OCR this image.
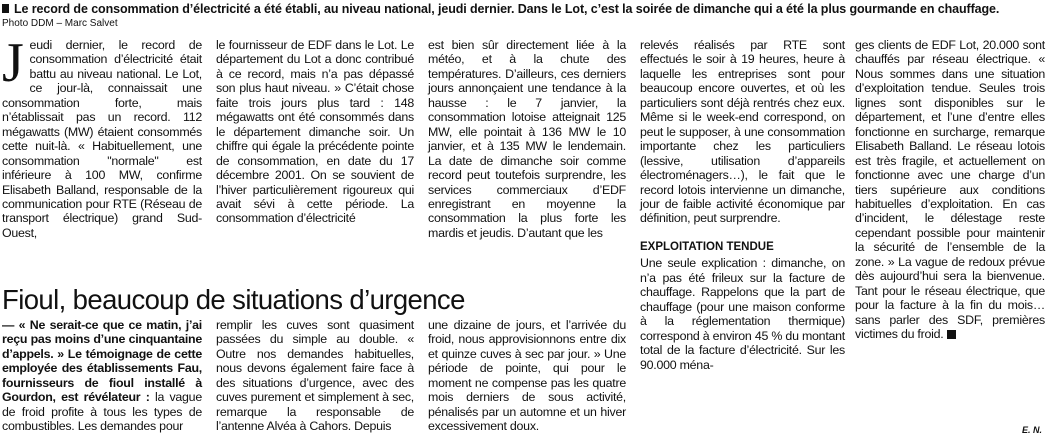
Le record de consommation d’électricité a été établi, au niveau national, jeudi dernier. Dans le Lot, c’est la soirée de dimanche qui a été la plus gourmande en chauffage.
Photo DDM – Marc Salvet
J eudi dernier, le record de consommation d’électricité était battu au niveau national. Le Lot, ce jour-là, connaissait une consommation forte, mais n’établissait pas un record. 112 mégawatts (MW) étaient consommés cette nuit-là. « Habituellement, une consommation "normale" est inférieure à 100 MW, confirme Elisabeth Balland, responsable de la communication pour RTE (Réseau de transport électrique) grand Sud-Ouest,

le fournisseur de EDF dans le Lot. Le département du Lot a donc contribué à ce record, mais n’a pas dépassé son plus haut niveau. » C’était chose faite trois jours plus tard : 148 mégawatts ont été consommés dans le département dimanche soir. Un chiffre qui égale la précédente pointe de consommation, en date du 17 décembre 2001. On se souvient de l’hiver particulièrement rigoureux qui avait sévi à cette période. La consommation d’électricité

est bien sûr directement liée à la météo, et à la chute des températures. D’ailleurs, ces derniers jours annonçaient une tendance à la hausse : le 7 janvier, la consommation lotoise atteignait 125 MW, elle pointait à 136 MW le 10 janvier, et à 135 MW le lendemain. La date de dimanche soir comme record peut toutefois surprendre, les services commerciaux d’EDF enregistrant en moyenne la consommation la plus forte les mardis et jeudis. D’autant que les

relevés réalisés par RTE sont effectués le soir à 19 heures, heure à laquelle les entreprises sont pour beaucoup encore ouvertes, et où les particuliers sont déjà rentrés chez eux. Même si le week-end correspond, on peut le supposer, à une consommation importante chez les particuliers (lessive, utilisation d’appareils électroménagers…), le fait que le record lotois intervienne un dimanche, jour de faible activité économique par définition, peut surprendre.

EXPLOITATION TENDUE

Une seule explication : dimanche, on n’a pas été frileux sur la facture de chauffage. Rappelons que la part de chauffage (pour une maison conforme à la réglementation thermique) correspond à environ 45 % du montant total de la facture d’électricité. Sur les 90.000 ména-

ges clients de EDF Lot, 20.000 sont chauffés par réseau électrique. « Nous sommes dans une situation d’exploitation tendue. Seules trois lignes sont disponibles sur le département, et l’une d’entre elles fonctionne en surcharge, remarque Elisabeth Balland. Le réseau lotois est très fragile, et actuellement on fonctionne avec une charge d’un tiers supérieure aux conditions habituelles d’exploitation. En cas d’incident, le délestage reste cependant possible pour maintenir la sécurité de l’ensemble de la zone. » La vague de redoux prévue dès aujourd’hui sera la bienvenue. Tant pour le réseau électrique, que pour la facture à la fin du mois… sans parler des SDF, premières victimes du froid.

Fioul, beaucoup de situations d’urgence

— « Ne serait-ce que ce matin, j’ai reçu pas moins d’une cinquantaine d’appels. » Le témoignage de cette employée des établissements Fau, fournisseurs de fioul installé à Gourdon, est révélateur : la vague de froid profite à tous les types de combustibles. Les demandes pour

remplir les cuves sont quasiment passées du simple au double. « Outre nos demandes habituelles, nous devons également faire face à des situations d’urgence, avec des cuves purement et simplement à sec, remarque la responsable de l’antenne Alvéa à Cahors. Depuis

une dizaine de jours, et l’arrivée du froid, nous approvisionnons entre dix et quinze cuves à sec par jour. » Une période de pointe, qui pour le moment ne compense pas les quatre mois derniers de sous activité, pénalisés par un automne et un hiver excessivement doux.	E. N.
